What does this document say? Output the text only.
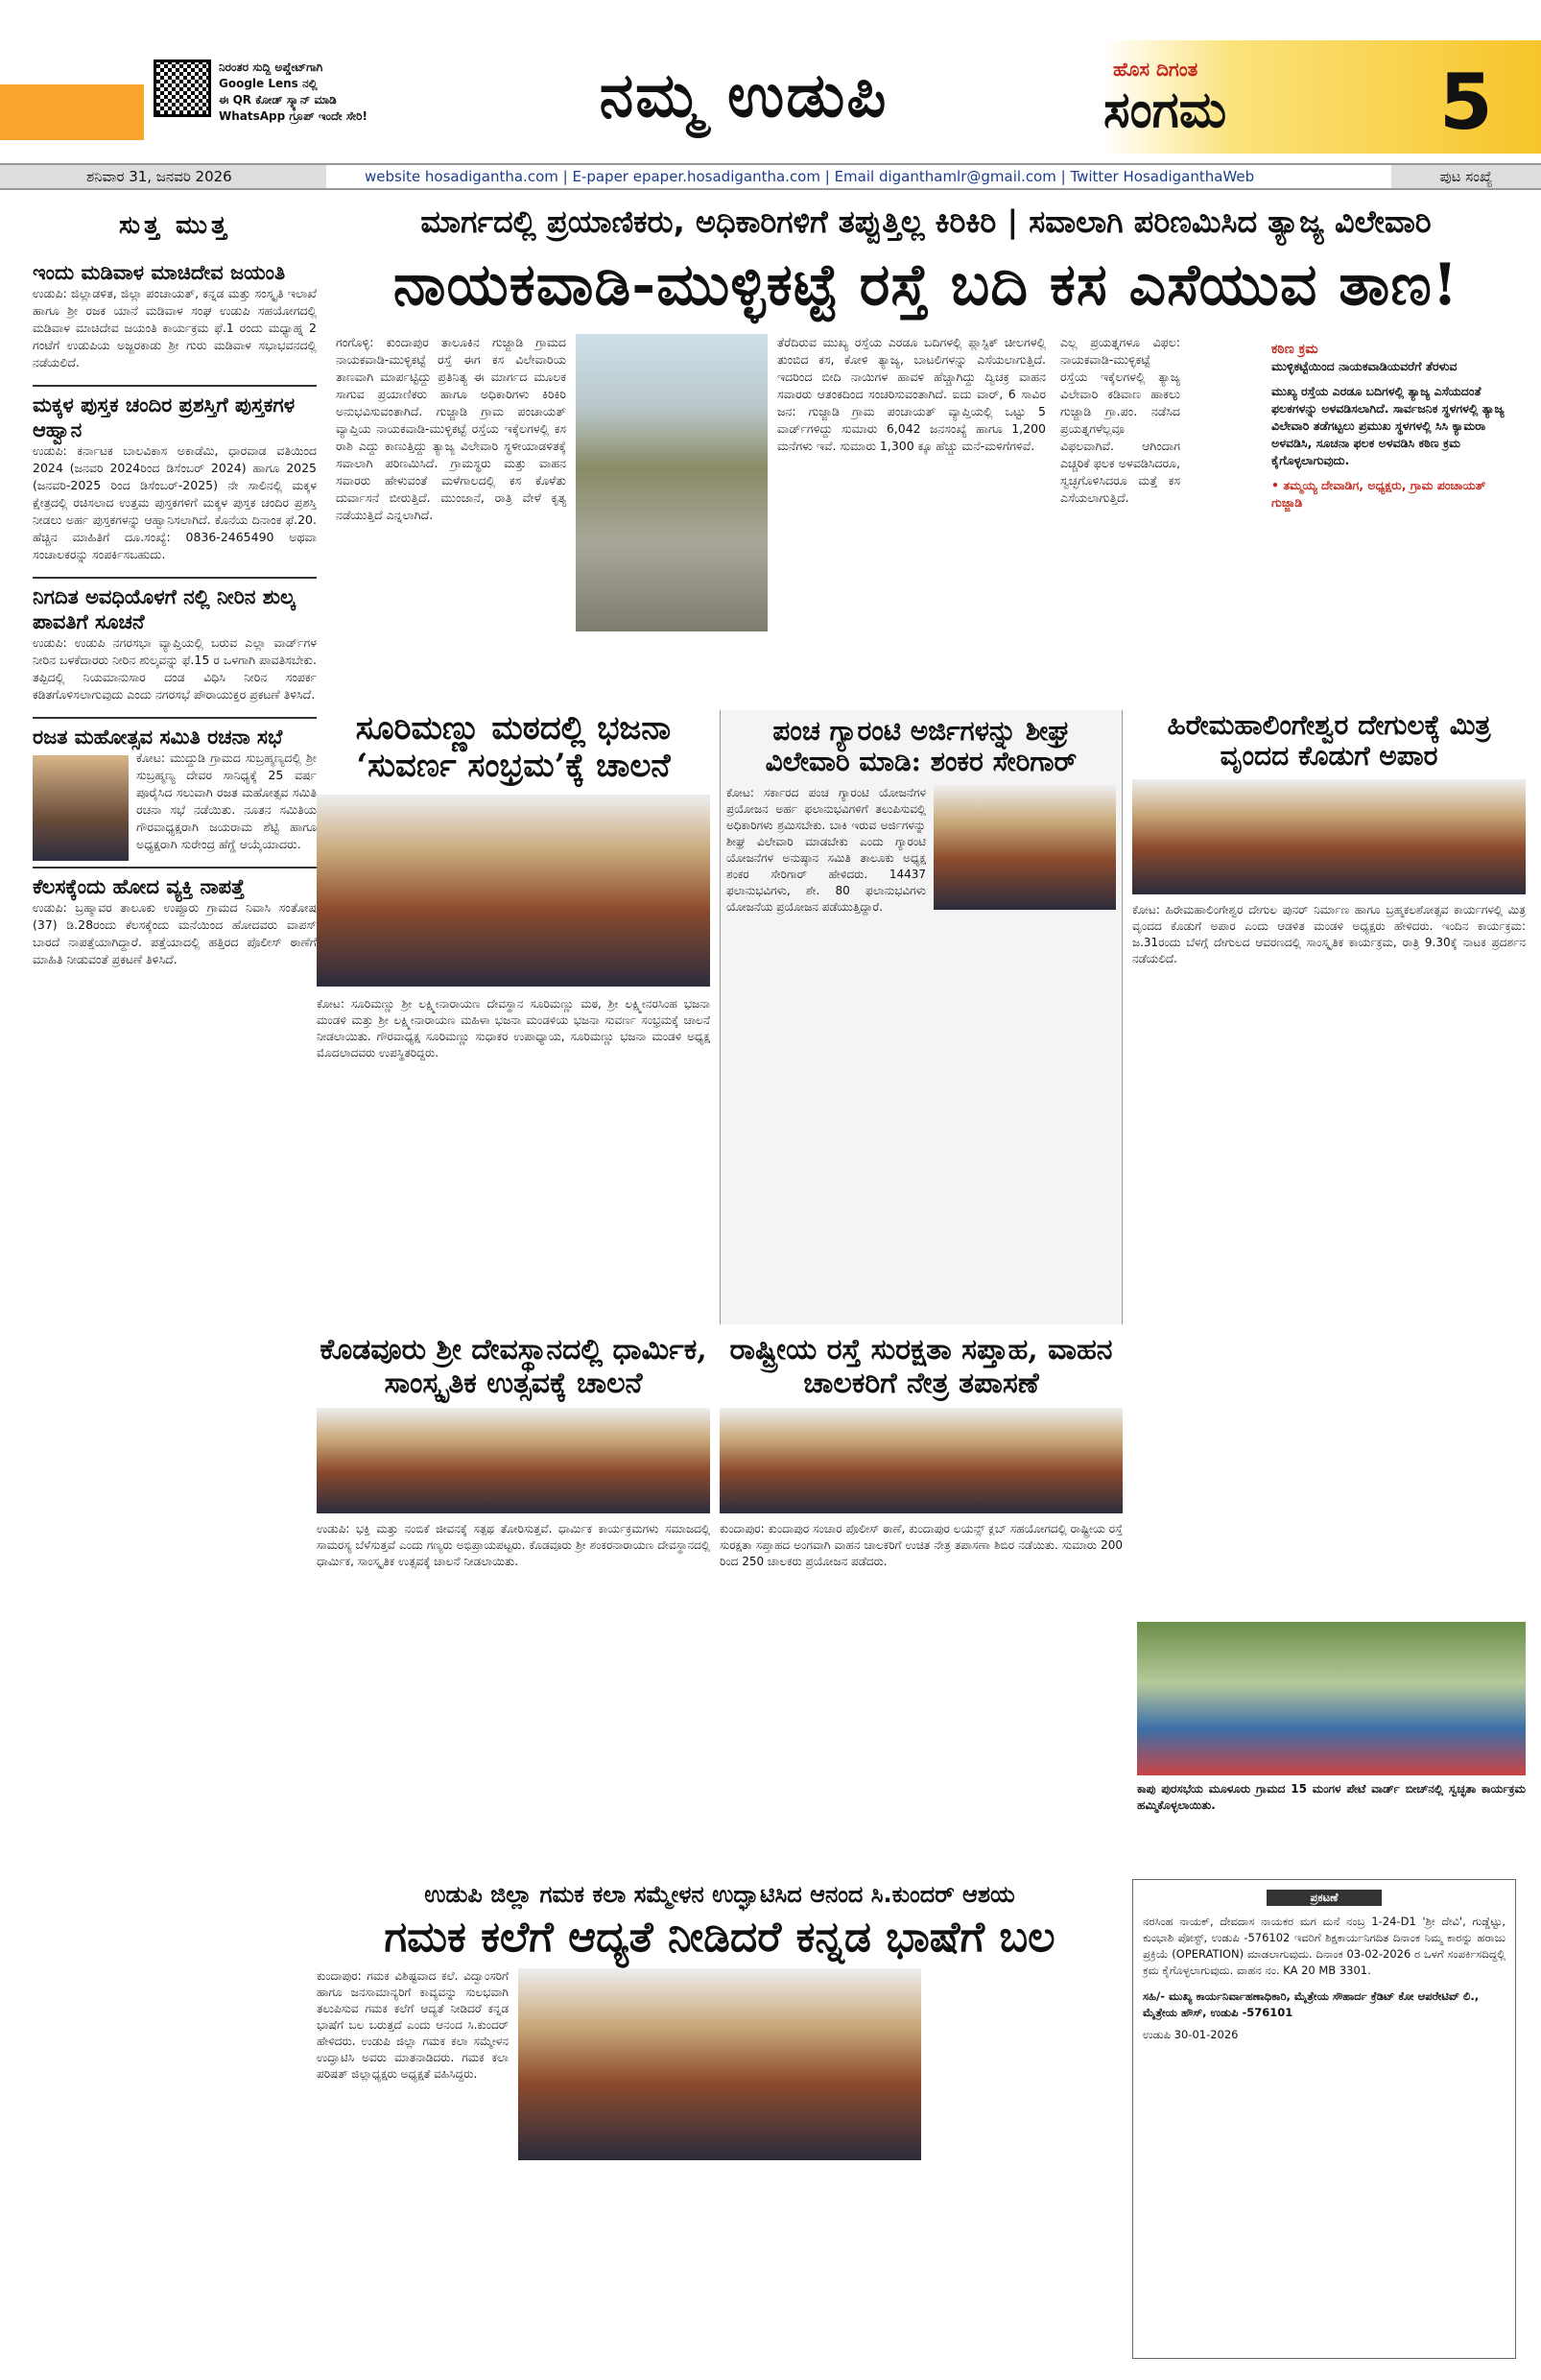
ನಿರಂತರ ಸುದ್ದಿ ಅಪ್ಡೇಟ್‌ಗಾಗಿ
Google Lens ನಲ್ಲಿ
ಈ QR ಕೋಡ್ ಸ್ಕ್ಯಾನ್ ಮಾಡಿ
WhatsApp ಗ್ರೂಪ್ ಇಂದೇ ಸೇರಿ!	ನಮ್ಮ ಉಡುಪಿ	ಹೊಸ ದಿಗಂತ
ಸಂಗಮ	5
ಶನಿವಾರ 31, ಜನವರಿ 2026	website hosadigantha.com | E-paper epaper.hosadigantha.com | Email diganthamlr@gmail.com | Twitter HosadiganthaWeb	ಪುಟ ಸಂಖ್ಯೆ
ಸುತ್ತ ಮುತ್ತ
ಇಂದು ಮಡಿವಾಳ ಮಾಚಿದೇವ ಜಯಂತಿ

ಉಡುಪಿ: ಜಿಲ್ಲಾಡಳಿತ, ಜಿಲ್ಲಾ ಪಂಚಾಯತ್, ಕನ್ನಡ ಮತ್ತು ಸಂಸ್ಕೃತಿ ಇಲಾಖೆ ಹಾಗೂ ಶ್ರೀ ರಜಕ ಯಾನೆ ಮಡಿವಾಳ ಸಂಘ ಉಡುಪಿ ಸಹಯೋಗದಲ್ಲಿ ಮಡಿವಾಳ ಮಾಚಿದೇವ ಜಯಂತಿ ಕಾರ್ಯಕ್ರಮ ಫೆ.1 ರಂದು ಮಧ್ಯಾಹ್ನ 2 ಗಂಟೆಗೆ ಉಡುಪಿಯ ಅಜ್ಜರಕಾಡು ಶ್ರೀ ಗುರು ಮಡಿವಾಳ ಸಭಾಭವನದಲ್ಲಿ ನಡೆಯಲಿದೆ.

ಮಕ್ಕಳ ಪುಸ್ತಕ ಚಂದಿರ ಪ್ರಶಸ್ತಿಗೆ ಪುಸ್ತಕಗಳ ಆಹ್ವಾನ

ಉಡುಪಿ: ಕರ್ನಾಟಕ ಬಾಲವಿಕಾಸ ಅಕಾಡೆಮಿ, ಧಾರವಾಡ ವತಿಯಿಂದ 2024 (ಜನವರಿ 2024ರಿಂದ ಡಿಸೆಂಬರ್ 2024) ಹಾಗೂ 2025 (ಜನವರಿ-2025 ರಿಂದ ಡಿಸೆಂಬರ್-2025) ನೇ ಸಾಲಿನಲ್ಲಿ ಮಕ್ಕಳ ಕ್ಷೇತ್ರದಲ್ಲಿ ರಚಿಸಲಾದ ಉತ್ತಮ ಪುಸ್ತಕಗಳಿಗೆ ಮಕ್ಕಳ ಪುಸ್ತಕ ಚಂದಿರ ಪ್ರಶಸ್ತಿ ನೀಡಲು ಅರ್ಹ ಪುಸ್ತಕಗಳನ್ನು ಆಹ್ವಾನಿಸಲಾಗಿದೆ. ಕೊನೆಯ ದಿನಾಂಕ ಫೆ.20. ಹೆಚ್ಚಿನ ಮಾಹಿತಿಗೆ ದೂ.ಸಂಖ್ಯೆ: 0836-2465490 ಅಥವಾ ಸಂಚಾಲಕರನ್ನು ಸಂಪರ್ಕಿಸಬಹುದು.

ನಿಗದಿತ ಅವಧಿಯೊಳಗೆ ನಲ್ಲಿ ನೀರಿನ ಶುಲ್ಕ ಪಾವತಿಗೆ ಸೂಚನೆ

ಉಡುಪಿ: ಉಡುಪಿ ನಗರಸಭಾ ವ್ಯಾಪ್ತಿಯಲ್ಲಿ ಬರುವ ಎಲ್ಲಾ ವಾರ್ಡ್‌ಗಳ ನೀರಿನ ಬಳಕೆದಾರರು ನೀರಿನ ಶುಲ್ಕವನ್ನು ಫೆ.15 ರ ಒಳಗಾಗಿ ಪಾವತಿಸಬೇಕು. ತಪ್ಪಿದಲ್ಲಿ ನಿಯಮಾನುಸಾರ ದಂಡ ವಿಧಿಸಿ ನೀರಿನ ಸಂಪರ್ಕ ಕಡಿತಗೊಳಿಸಲಾಗುವುದು ಎಂದು ನಗರಸಭೆ ಪೌರಾಯುಕ್ತರ ಪ್ರಕಟಣೆ ತಿಳಿಸಿದೆ.

ರಜತ ಮಹೋತ್ಸವ ಸಮಿತಿ ರಚನಾ ಸಭೆ

ಕೋಟ: ಮುದ್ದುಡಿ ಗ್ರಾಮದ ಸುಬ್ರಹ್ಮಣ್ಯದಲ್ಲಿ ಶ್ರೀ ಸುಬ್ರಹ್ಮಣ್ಯ ದೇವರ ಸಾನಿಧ್ಯಕ್ಕೆ 25 ವರ್ಷ ಪೂರೈಸಿದ ಸಲುವಾಗಿ ರಜತ ಮಹೋತ್ಸವ ಸಮಿತಿ ರಚನಾ ಸಭೆ ನಡೆಯಿತು. ನೂತನ ಸಮಿತಿಯ ಗೌರವಾಧ್ಯಕ್ಷರಾಗಿ ಜಯರಾಮ ಶೆಟ್ಟಿ ಹಾಗೂ ಅಧ್ಯಕ್ಷರಾಗಿ ಸುರೇಂದ್ರ ಹೆಗ್ಡೆ ಆಯ್ಕೆಯಾದರು.

ಕೆಲಸಕ್ಕೆಂದು ಹೋದ ವ್ಯಕ್ತಿ ನಾಪತ್ತೆ

ಉಡುಪಿ: ಬ್ರಹ್ಮಾವರ ತಾಲೂಕು ಉಪ್ಪೂರು ಗ್ರಾಮದ ನಿವಾಸಿ ಸಂತೋಷ (37) ಡಿ.28ರಂದು ಕೆಲಸಕ್ಕೆಂದು ಮನೆಯಿಂದ ಹೋದವರು ವಾಪಸ್ ಬಾರದೆ ನಾಪತ್ತೆಯಾಗಿದ್ದಾರೆ. ಪತ್ತೆಯಾದಲ್ಲಿ ಹತ್ತಿರದ ಪೊಲೀಸ್ ಠಾಣೆಗೆ ಮಾಹಿತಿ ನೀಡುವಂತೆ ಪ್ರಕಟಣೆ ತಿಳಿಸಿದೆ.

ಮಾರ್ಗದಲ್ಲಿ ಪ್ರಯಾಣಿಕರು, ಅಧಿಕಾರಿಗಳಿಗೆ ತಪ್ಪುತ್ತಿಲ್ಲ ಕಿರಿಕಿರಿ | ಸವಾಲಾಗಿ ಪರಿಣಮಿಸಿದ ತ್ಯಾಜ್ಯ ವಿಲೇವಾರಿ
ನಾಯಕವಾಡಿ-ಮುಳ್ಳಿಕಟ್ಟೆ ರಸ್ತೆ ಬದಿ ಕಸ ಎಸೆಯುವ ತಾಣ!
ಗಂಗೊಳ್ಳಿ: ಕುಂದಾಪುರ ತಾಲೂಕಿನ ಗುಜ್ಜಾಡಿ ಗ್ರಾಮದ ನಾಯಕವಾಡಿ-ಮುಳ್ಳಿಕಟ್ಟೆ ರಸ್ತೆ ಈಗ ಕಸ ವಿಲೇವಾರಿಯ ತಾಣವಾಗಿ ಮಾರ್ಪಟ್ಟಿದ್ದು ಪ್ರತಿನಿತ್ಯ ಈ ಮಾರ್ಗದ ಮೂಲಕ ಸಾಗುವ ಪ್ರಯಾಣಿಕರು ಹಾಗೂ ಅಧಿಕಾರಿಗಳು ಕಿರಿಕಿರಿ ಅನುಭವಿಸುವಂತಾಗಿದೆ. ಗುಜ್ಜಾಡಿ ಗ್ರಾಮ ಪಂಚಾಯತ್ ವ್ಯಾಪ್ತಿಯ ನಾಯಕವಾಡಿ-ಮುಳ್ಳಿಕಟ್ಟೆ ರಸ್ತೆಯ ಇಕ್ಕೆಲಗಳಲ್ಲಿ ಕಸ ರಾಶಿ ಎದ್ದು ಕಾಣುತ್ತಿದ್ದು ತ್ಯಾಜ್ಯ ವಿಲೇವಾರಿ ಸ್ಥಳೀಯಾಡಳಿತಕ್ಕೆ ಸವಾಲಾಗಿ ಪರಿಣಮಿಸಿದೆ. ಗ್ರಾಮಸ್ಥರು ಮತ್ತು ವಾಹನ ಸವಾರರು ಹೇಳುವಂತೆ ಮಳೆಗಾಲದಲ್ಲಿ ಕಸ ಕೊಳೆತು ದುರ್ವಾಸನೆ ಬೀರುತ್ತಿದೆ. ಮುಂಜಾನೆ, ರಾತ್ರಿ ವೇಳೆ ಕೃತ್ಯ ನಡೆಯುತ್ತಿದೆ ಎನ್ನಲಾಗಿದೆ.
ತೆರೆದಿರುವ ಮುಖ್ಯ ರಸ್ತೆಯ ಎರಡೂ ಬದಿಗಳಲ್ಲಿ ಪ್ಲಾಸ್ಟಿಕ್ ಚೀಲಗಳಲ್ಲಿ ತುಂಬಿದ ಕಸ, ಕೋಳಿ ತ್ಯಾಜ್ಯ, ಬಾಟಲಿಗಳನ್ನು ಎಸೆಯಲಾಗುತ್ತಿದೆ. ಇದರಿಂದ ಬೀದಿ ನಾಯಿಗಳ ಹಾವಳಿ ಹೆಚ್ಚಾಗಿದ್ದು ದ್ವಿಚಕ್ರ ವಾಹನ ಸವಾರರು ಆತಂಕದಿಂದ ಸಂಚರಿಸುವಂತಾಗಿದೆ. ಐದು ವಾರ್, 6 ಸಾವಿರ ಜನ: ಗುಜ್ಜಾಡಿ ಗ್ರಾಮ ಪಂಚಾಯತ್ ವ್ಯಾಪ್ತಿಯಲ್ಲಿ ಒಟ್ಟು 5 ವಾರ್ಡ್‌ಗಳಿದ್ದು ಸುಮಾರು 6,042 ಜನಸಂಖ್ಯೆ ಹಾಗೂ 1,200 ಮನೆಗಳು ಇವೆ. ಸುಮಾರು 1,300 ಕ್ಕೂ ಹೆಚ್ಚು ಮನೆ-ಮಳಿಗೆಗಳಿವೆ.
ಎಲ್ಲ ಪ್ರಯತ್ನಗಳೂ ವಿಫಲ: ನಾಯಕವಾಡಿ-ಮುಳ್ಳಿಕಟ್ಟೆ ರಸ್ತೆಯ ಇಕ್ಕೆಲಗಳಲ್ಲಿ ತ್ಯಾಜ್ಯ ವಿಲೇವಾರಿ ಕಡಿವಾಣ ಹಾಕಲು ಗುಜ್ಜಾಡಿ ಗ್ರಾ.ಪಂ. ನಡೆಸಿದ ಪ್ರಯತ್ನಗಳೆಲ್ಲವೂ ವಿಫಲವಾಗಿವೆ. ಆಗಿಂದಾಗ ಎಚ್ಚರಿಕೆ ಫಲಕ ಅಳವಡಿಸಿದರೂ, ಸ್ವಚ್ಛಗೊಳಿಸಿದರೂ ಮತ್ತೆ ಕಸ ಎಸೆಯಲಾಗುತ್ತಿದೆ.
ಕಠಿಣ ಕ್ರಮ
ಮುಳ್ಳಿಕಟ್ಟೆಯಿಂದ ನಾಯಕವಾಡಿಯವರೆಗೆ ತೆರಳುವ
ಮುಖ್ಯ ರಸ್ತೆಯ ಎರಡೂ ಬದಿಗಳಲ್ಲಿ ತ್ಯಾಜ್ಯ ಎಸೆಯದಂತೆ ಫಲಕಗಳನ್ನು ಅಳವಡಿಸಲಾಗಿದೆ. ಸಾರ್ವಜನಿಕ ಸ್ಥಳಗಳಲ್ಲಿ ತ್ಯಾಜ್ಯ ವಿಲೇವಾರಿ ತಡೆಗಟ್ಟಲು ಪ್ರಮುಖ ಸ್ಥಳಗಳಲ್ಲಿ ಸಿಸಿ ಕ್ಯಾಮರಾ ಅಳವಡಿಸಿ, ಸೂಚನಾ ಫಲಕ ಅಳವಡಿಸಿ ಕಠಿಣ ಕ್ರಮ ಕೈಗೊಳ್ಳಲಾಗುವುದು.
• ತಮ್ಮಯ್ಯ ದೇವಾಡಿಗ, ಅಧ್ಯಕ್ಷರು, ಗ್ರಾಮ ಪಂಚಾಯತ್ ಗುಜ್ಜಾಡಿ
ಸೂರಿಮಣ್ಣು ಮಠದಲ್ಲಿ ಭಜನಾ ‘ಸುವರ್ಣ ಸಂಭ್ರಮ’ಕ್ಕೆ ಚಾಲನೆ
ಕೋಟ: ಸೂರಿಮಣ್ಣು ಶ್ರೀ ಲಕ್ಷ್ಮೀನಾರಾಯಣ ದೇವಸ್ಥಾನ ಸೂರಿಮಣ್ಣು ಮಠ, ಶ್ರೀ ಲಕ್ಷ್ಮೀನರಸಿಂಹ ಭಜನಾ ಮಂಡಳಿ ಮತ್ತು ಶ್ರೀ ಲಕ್ಷ್ಮೀನಾರಾಯಣ ಮಹಿಳಾ ಭಜನಾ ಮಂಡಳಿಯ ಭಜನಾ ಸುವರ್ಣ ಸಂಭ್ರಮಕ್ಕೆ ಚಾಲನೆ ನೀಡಲಾಯಿತು. ಗೌರವಾಧ್ಯಕ್ಷ ಸೂರಿಮಣ್ಣು ಸುಧಾಕರ ಉಪಾಧ್ಯಾಯ, ಸೂರಿಮಣ್ಣು ಭಜನಾ ಮಂಡಳಿ ಅಧ್ಯಕ್ಷ ಮೊದಲಾದವರು ಉಪಸ್ಥಿತರಿದ್ದರು.
ಪಂಚ ಗ್ಯಾರಂಟಿ ಅರ್ಜಿಗಳನ್ನು ಶೀಘ್ರ ವಿಲೇವಾರಿ ಮಾಡಿ: ಶಂಕರ ಸೇರಿಗಾರ್
ಕೋಟ: ಸರ್ಕಾರದ ಪಂಚ ಗ್ಯಾರಂಟಿ ಯೋಜನೆಗಳ ಪ್ರಯೋಜನ ಅರ್ಹ ಫಲಾನುಭವಿಗಳಿಗೆ ತಲುಪಿಸುವಲ್ಲಿ ಅಧಿಕಾರಿಗಳು ಶ್ರಮಿಸಬೇಕು. ಬಾಕಿ ಇರುವ ಅರ್ಜಿಗಳನ್ನು ಶೀಘ್ರ ವಿಲೇವಾರಿ ಮಾಡಬೇಕು ಎಂದು ಗ್ಯಾರಂಟಿ ಯೋಜನೆಗಳ ಅನುಷ್ಠಾನ ಸಮಿತಿ ತಾಲೂಕು ಅಧ್ಯಕ್ಷ ಶಂಕರ ಸೇರಿಗಾರ್ ಹೇಳಿದರು. 14437 ಫಲಾನುಭವಿಗಳು, ಶೇ. 80 ಫಲಾನುಭವಿಗಳು ಯೋಜನೆಯ ಪ್ರಯೋಜನ ಪಡೆಯುತ್ತಿದ್ದಾರೆ.
ಹಿರೇಮಹಾಲಿಂಗೇಶ್ವರ ದೇಗುಲಕ್ಕೆ ಮಿತ್ರ ವೃಂದದ ಕೊಡುಗೆ ಅಪಾರ
ಕೋಟ: ಹಿರೇಮಹಾಲಿಂಗೇಶ್ವರ ದೇಗುಲ ಪುನರ್ ನಿರ್ಮಾಣ ಹಾಗೂ ಬ್ರಹ್ಮಕಲಶೋತ್ಸವ ಕಾರ್ಯಗಳಲ್ಲಿ ಮಿತ್ರ ವೃಂದದ ಕೊಡುಗೆ ಅಪಾರ ಎಂದು ಆಡಳಿತ ಮಂಡಳಿ ಅಧ್ಯಕ್ಷರು ಹೇಳಿದರು. ಇಂದಿನ ಕಾರ್ಯಕ್ರಮ: ಜ.31ರಂದು ಬೆಳಗ್ಗೆ ದೇಗುಲದ ಆವರಣದಲ್ಲಿ ಸಾಂಸ್ಕೃತಿಕ ಕಾರ್ಯಕ್ರಮ, ರಾತ್ರಿ 9.30ಕ್ಕೆ ನಾಟಕ ಪ್ರದರ್ಶನ ನಡೆಯಲಿದೆ.
ಕೊಡವೂರು ಶ್ರೀ ದೇವಸ್ಥಾನದಲ್ಲಿ ಧಾರ್ಮಿಕ, ಸಾಂಸ್ಕೃತಿಕ ಉತ್ಸವಕ್ಕೆ ಚಾಲನೆ
ಉಡುಪಿ: ಭಕ್ತಿ ಮತ್ತು ನಂಬಿಕೆ ಜೀವನಕ್ಕೆ ಸತ್ಪಥ ತೋರಿಸುತ್ತವೆ. ಧಾರ್ಮಿಕ ಕಾರ್ಯಕ್ರಮಗಳು ಸಮಾಜದಲ್ಲಿ ಸಾಮರಸ್ಯ ಬೆಳೆಸುತ್ತವೆ ಎಂದು ಗಣ್ಯರು ಅಭಿಪ್ರಾಯಪಟ್ಟರು. ಕೊಡವೂರು ಶ್ರೀ ಶಂಕರನಾರಾಯಣ ದೇವಸ್ಥಾನದಲ್ಲಿ ಧಾರ್ಮಿಕ, ಸಾಂಸ್ಕೃತಿಕ ಉತ್ಸವಕ್ಕೆ ಚಾಲನೆ ನೀಡಲಾಯಿತು.
ರಾಷ್ಟ್ರೀಯ ರಸ್ತೆ ಸುರಕ್ಷತಾ ಸಪ್ತಾಹ, ವಾಹನ ಚಾಲಕರಿಗೆ ನೇತ್ರ ತಪಾಸಣೆ
ಕುಂದಾಪುರ: ಕುಂದಾಪುರ ಸಂಚಾರ ಪೊಲೀಸ್ ಠಾಣೆ, ಕುಂದಾಪುರ ಲಯನ್ಸ್ ಕ್ಲಬ್ ಸಹಯೋಗದಲ್ಲಿ ರಾಷ್ಟ್ರೀಯ ರಸ್ತೆ ಸುರಕ್ಷತಾ ಸಪ್ತಾಹದ ಅಂಗವಾಗಿ ವಾಹನ ಚಾಲಕರಿಗೆ ಉಚಿತ ನೇತ್ರ ತಪಾಸಣಾ ಶಿಬಿರ ನಡೆಯಿತು. ಸುಮಾರು 200 ರಿಂದ 250 ಚಾಲಕರು ಪ್ರಯೋಜನ ಪಡೆದರು.
ಕಾಪು ಪುರಸಭೆಯ ಮೂಳೂರು ಗ್ರಾಮದ 15 ಮಂಗಳ ಪೇಟೆ ವಾರ್ಡ್ ಬೀಚ್‌ನಲ್ಲಿ ಸ್ವಚ್ಛತಾ ಕಾರ್ಯಕ್ರಮ ಹಮ್ಮಿಕೊಳ್ಳಲಾಯಿತು.
ಉಡುಪಿ ಜಿಲ್ಲಾ ಗಮಕ ಕಲಾ ಸಮ್ಮೇಳನ ಉದ್ಘಾಟಿಸಿದ ಆನಂದ ಸಿ.ಕುಂದರ್ ಆಶಯ
ಗಮಕ ಕಲೆಗೆ ಆದ್ಯತೆ ನೀಡಿದರೆ ಕನ್ನಡ ಭಾಷೆಗೆ ಬಲ
ಕುಂದಾಪುರ: ಗಮಕ ವಿಶಿಷ್ಟವಾದ ಕಲೆ. ವಿದ್ವಾಂಸರಿಗೆ ಹಾಗೂ ಜನಸಾಮಾನ್ಯರಿಗೆ ಕಾವ್ಯವನ್ನು ಸುಲಭವಾಗಿ ತಲುಪಿಸುವ ಗಮಕ ಕಲೆಗೆ ಆದ್ಯತೆ ನೀಡಿದರೆ ಕನ್ನಡ ಭಾಷೆಗೆ ಬಲ ಬರುತ್ತದೆ ಎಂದು ಆನಂದ ಸಿ.ಕುಂದರ್ ಹೇಳಿದರು. ಉಡುಪಿ ಜಿಲ್ಲಾ ಗಮಕ ಕಲಾ ಸಮ್ಮೇಳನ ಉದ್ಘಾಟಿಸಿ ಅವರು ಮಾತನಾಡಿದರು. ಗಮಕ ಕಲಾ ಪರಿಷತ್ ಜಿಲ್ಲಾಧ್ಯಕ್ಷರು ಅಧ್ಯಕ್ಷತೆ ವಹಿಸಿದ್ದರು.
ಪ್ರಕಟಣೆ
ನರಸಿಂಹ ನಾಯಕ್, ದೇವದಾಸ ನಾಯಕರ ಮಗ ಮನೆ ನಂಬ್ರ 1-24-D1 'ಶ್ರೀ ದೇವಿ', ಗುಡ್ಡೆಟ್ಟು, ಕುಂಭಾಶಿ ಪೋಸ್ಟ್, ಉಡುಪಿ -576102 ಇವರಿಗೆ ಶಿಕ್ಷಕಾರ್ಯನಿಗದಿತ ದಿನಾಂಕ ನಿಮ್ಮ ಕಾರನ್ನು ಹರಾಜು ಪ್ರಕ್ರಿಯೆ (OPERATION) ಮಾಡಲಾಗುವುದು. ದಿನಾಂಕ 03-02-2026 ರ ಒಳಗೆ ಸಂಪರ್ಕಿಸದಿದ್ದಲ್ಲಿ ಕ್ರಮ ಕೈಗೊಳ್ಳಲಾಗುವುದು. ವಾಹನ ನಂ. KA 20 MB 3301.
ಸಹಿ/- ಮುಖ್ಯ ಕಾರ್ಯನಿರ್ವಾಹಣಾಧಿಕಾರಿ, ಮೈತ್ರೇಯ ಸೌಹಾರ್ದ ಕ್ರೆಡಿಟ್ ಕೋ ಆಪರೇಟಿವ್ ಲಿ., ಮೈತ್ರೇಯ ಹೌಸ್, ಉಡುಪಿ -576101
ಉಡುಪಿ 30-01-2026
